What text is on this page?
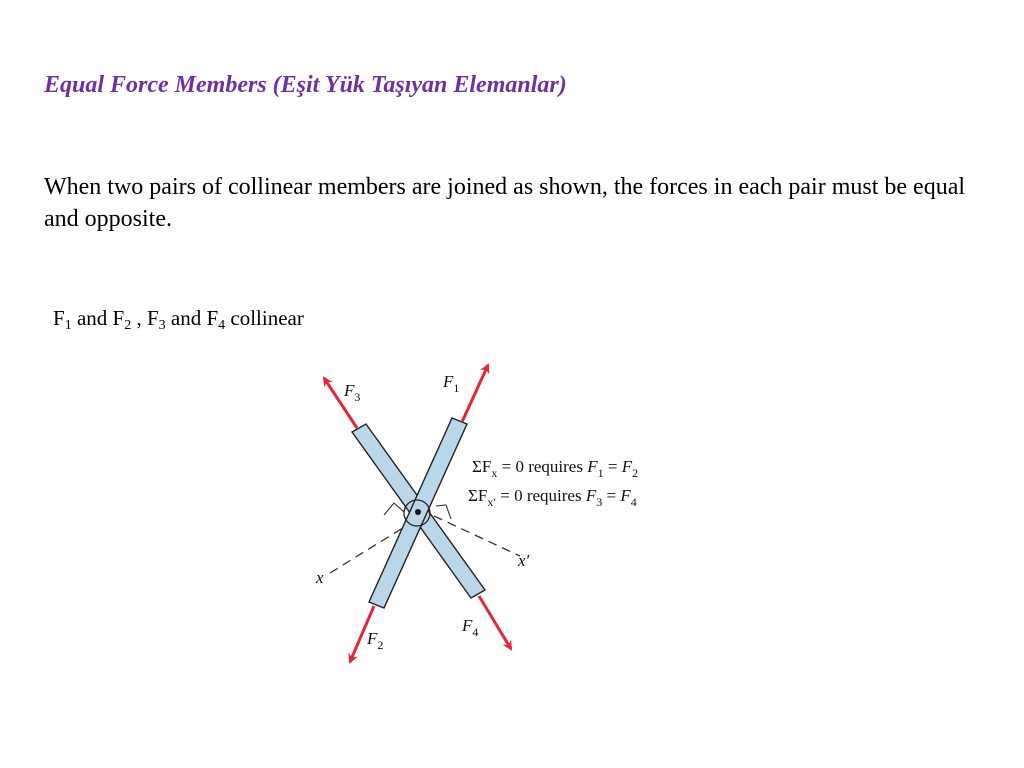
Equal Force Members (Eşit Yük Taşıyan Elemanlar)

When two pairs of collinear members are joined as shown, the forces in each pair must be equal and opposite.

$F_1$ and $F_2$ , $F_3$ and $F_4$ collinear

$F_3$
$F_1$
$F_2$
$F_4$
x
x′
$\Sigma F_x = 0$ requires $F_1 = F_2$
$\Sigma F_{x'} = 0$ requires $F_3 = F_4$
